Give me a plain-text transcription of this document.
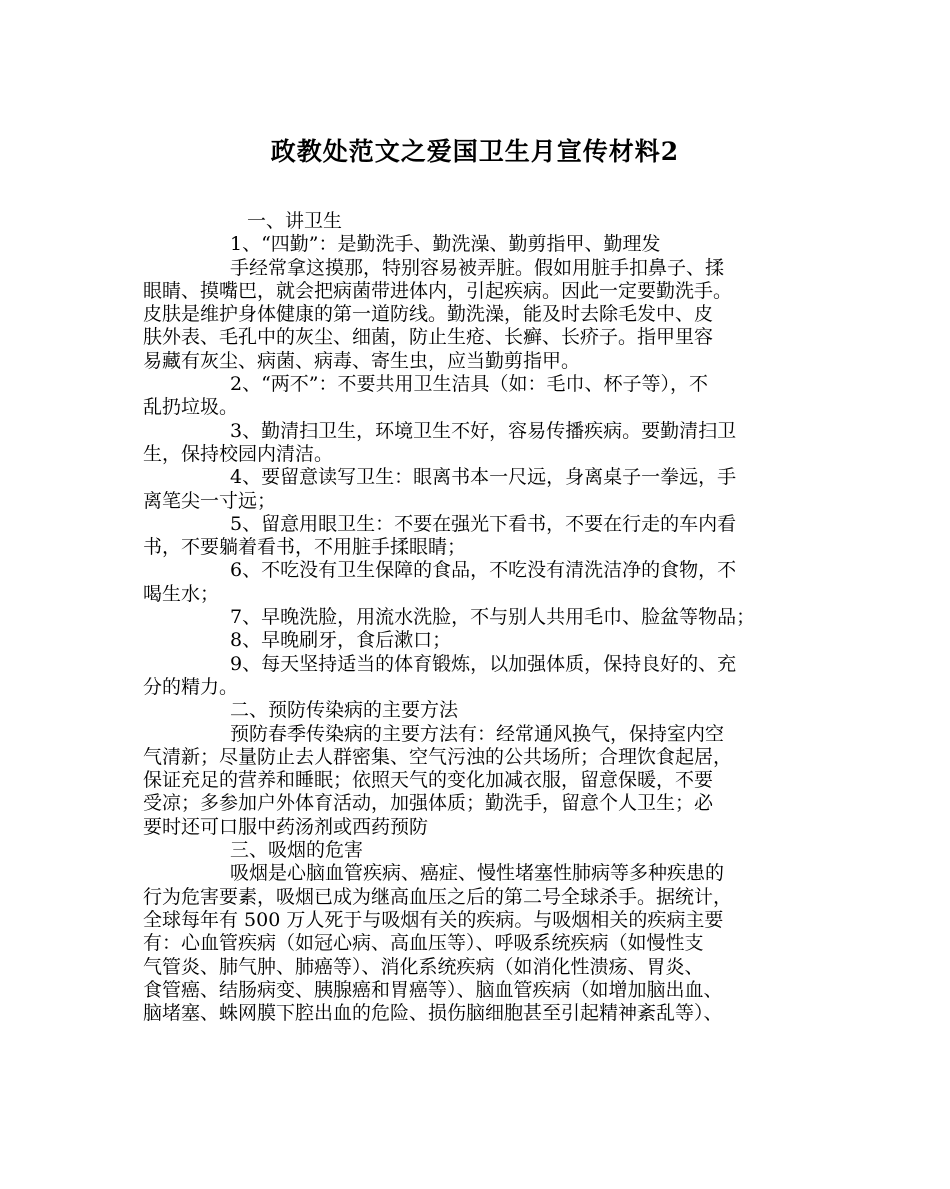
政教处范文之爱国卫生月宣传材料2
一、讲卫生
1、“四勤”：是勤洗手、勤洗澡、勤剪指甲、勤理发
手经常拿这摸那，特别容易被弄脏。假如用脏手扣鼻子、揉
眼睛、摸嘴巴，就会把病菌带进体内，引起疾病。因此一定要勤洗手。
皮肤是维护身体健康的第一道防线。勤洗澡，能及时去除毛发中、皮
肤外表、毛孔中的灰尘、细菌，防止生疮、长癣、长疥子。指甲里容
易藏有灰尘、病菌、病毒、寄生虫，应当勤剪指甲。
2、“两不”：不要共用卫生洁具（如：毛巾、杯子等），不
乱扔垃圾。
3、勤清扫卫生，环境卫生不好，容易传播疾病。要勤清扫卫
生，保持校园内清洁。
4、要留意读写卫生：眼离书本一尺远，身离桌子一拳远，手
离笔尖一寸远；
5、留意用眼卫生：不要在强光下看书，不要在行走的车内看
书，不要躺着看书，不用脏手揉眼睛；
6、不吃没有卫生保障的食品，不吃没有清洗洁净的食物，不
喝生水；
7、早晚洗脸，用流水洗脸，不与别人共用毛巾、脸盆等物品；
8、早晚刷牙，食后漱口；
9、每天坚持适当的体育锻炼，以加强体质，保持良好的、充
分的精力。
二、预防传染病的主要方法
预防春季传染病的主要方法有：经常通风换气，保持室内空
气清新；尽量防止去人群密集、空气污浊的公共场所；合理饮食起居，
保证充足的营养和睡眠；依照天气的变化加减衣服，留意保暖，不要
受凉；多参加户外体育活动，加强体质；勤洗手，留意个人卫生；必
要时还可口服中药汤剂或西药预防
三、吸烟的危害
吸烟是心脑血管疾病、癌症、慢性堵塞性肺病等多种疾患的
行为危害要素，吸烟已成为继高血压之后的第二号全球杀手。据统计，
全球每年有 500 万人死于与吸烟有关的疾病。与吸烟相关的疾病主要
有：心血管疾病（如冠心病、高血压等）、呼吸系统疾病（如慢性支
气管炎、肺气肿、肺癌等）、消化系统疾病（如消化性溃疡、胃炎、
食管癌、结肠病变、胰腺癌和胃癌等）、脑血管疾病（如增加脑出血、
脑堵塞、蛛网膜下腔出血的危险、损伤脑细胞甚至引起精神紊乱等）、
